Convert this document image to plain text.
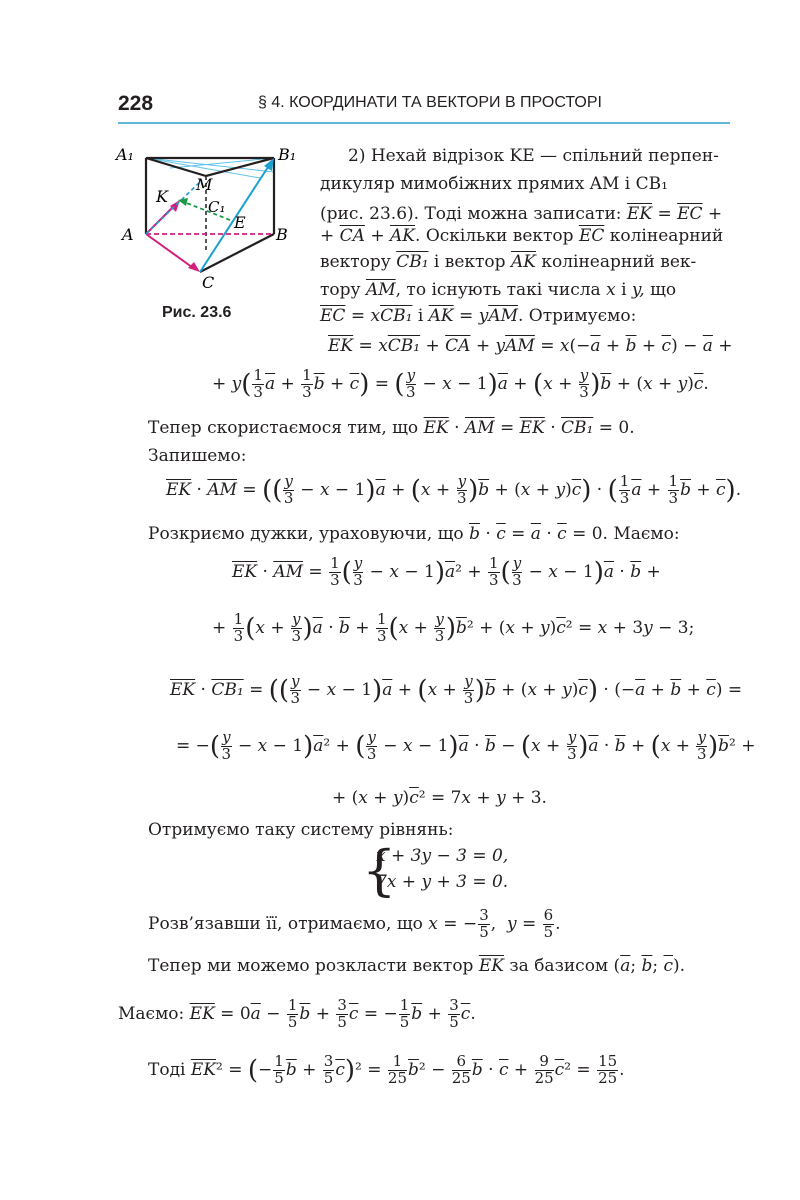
228	§ 4. КООРДИНАТИ ТА ВЕКТОРИ В ПРОСТОРІ
A₁	B₁
M
K
C₁
E
A	B
C
Рис. 23.6
2) Нехай відрізок KE — спільний перпен-
дикуляр мимобіжних прямих AM і CB₁
(рис. 23.6). Тоді можна записати: $\overline{EK} = \overline{EC}$ +
+ $\overline{CA} + \overline{AK}$. Оскільки вектор $\overline{EC}$ колінеарний
вектору CB₁ і вектор $\overline{AK}$ колінеарний век-
тору $\overline{AM}$, то існують такі числа x і y, що
$\overline{EC} = xCB_1$ і $\overline{AK} = y\overline{AM}$. Отримуємо:
$\overline{EK} = xCB_1 + \overline{CA} + y\overline{AM} = x(-\overline{a} + \overline{b} + \overline{c}) - \overline{a}$ +
+ $y( \frac{1}{3} \overline{a} + \frac{1}{3} \overline{b} + \overline{c})$ = ( $\frac{y}{3} - x - 1)\overline{a} + (x + \frac{y}{3} )\overline{b} + (x + y)\overline{c}$.
Тепер скористаємося тим, що $\overline{EK} \cdot \overline{AM} = \overline{EK} \cdot CB_1 = 0$.
Запишемо:
$\overline{EK} \cdot \overline{AM}$ = (( $\frac{y}{3} - x - 1)\overline{a} + (x + \frac{y}{3} )\overline{b} + (x + y)\overline{c}$) · ( $\frac{1}{3} \overline{a} + \frac{1}{3} \overline{b} + \overline{c}$).
Розкриємо дужки, ураховуючи, що $\overline{b} \cdot \overline{c} = \overline{a} \cdot \overline{c} = 0$. Маємо:
$\overline{EK} \cdot \overline{AM} = \frac{1}{3}$ ( $\frac{y}{3} - x - 1)\overline{a}^2 + \frac{1}{3}$ ( $\frac{y}{3} - x - 1)\overline{a} \cdot \overline{b}$ +
+ $\frac{1}{3} (x + \frac{y}{3} )\overline{a} \cdot \overline{b} + \frac{1}{3} (x + \frac{y}{3} )\overline{b}^2 + (x + y)\overline{c}^2 = x + 3y - 3$;
$\overline{EK} \cdot CB_1$ = (( $\frac{y}{3} - x - 1)\overline{a} + (x + \frac{y}{3} )\overline{b} + (x + y)\overline{c}) \cdot (-\overline{a} + \overline{b} + \overline{c})$ =
= −( $\frac{y}{3} - x - 1)\overline{a}^2$ + ( $\frac{y}{3} - x - 1)\overline{a} \cdot \overline{b} - (x + \frac{y}{3} )\overline{a} \cdot \overline{b} + (x + \frac{y}{3} )\overline{b}^2$ +
+ $(x + y)\overline{c}^2 = 7x + y + 3$.
Отримуємо таку систему рівнянь:
{
x + 3y − 3 = 0,
7x + y + 3 = 0.
Розв’язавши її, отримаємо, що x = − $\frac{3}{5}$ ,  $y = \frac{6}{5}$ .
Тепер ми можемо розкласти вектор $\overline{EK}$ за базисом ($\overline{a}$; $\overline{b}$; $\overline{c}$).
Маємо: $\overline{EK} = 0\overline{a} - \frac{1}{5} \overline{b} + \frac{3}{5} \overline{c}$ = − $\frac{1}{5} \overline{b} + \frac{3}{5} \overline{c}$.
Тоді $\overline{EK}^2$ = (− $\frac{1}{5} \overline{b} + \frac{3}{5} \overline{c})^2 = \frac{1}{25} \overline{b}^2 - \frac{6}{25} \overline{b} \cdot \overline{c} + \frac{9}{25} \overline{c}^2 = \frac{15}{25}$ .
